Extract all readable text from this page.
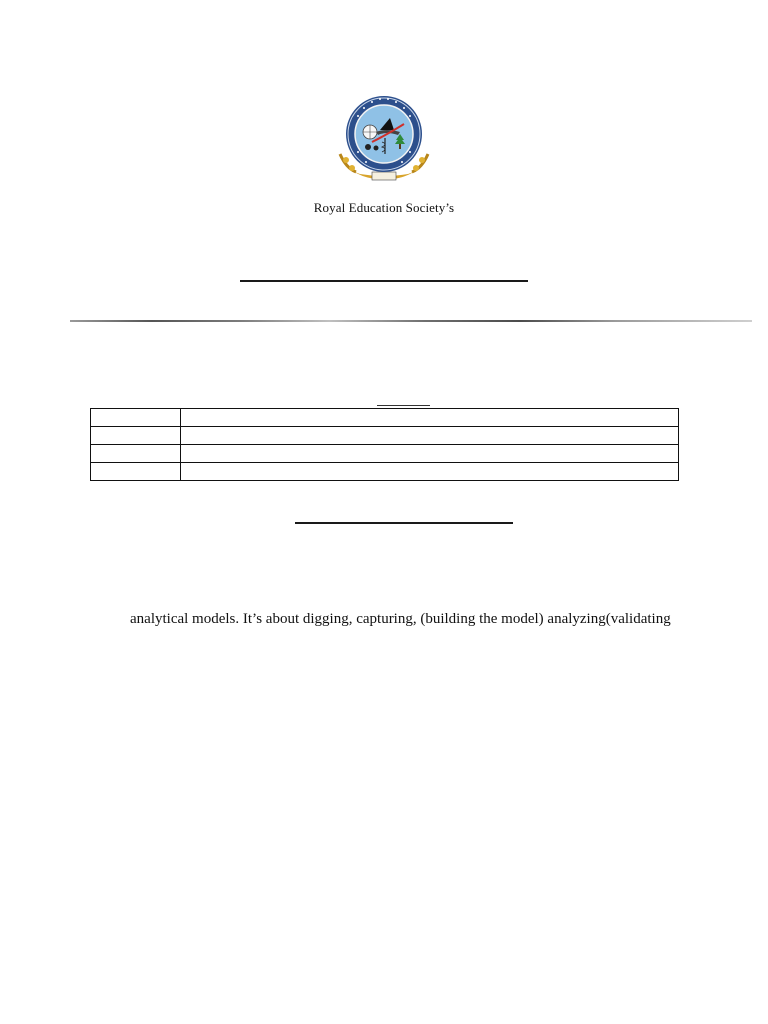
Royal Education Society’s

analytical models. It’s about digging, capturing, (building the model) analyzing(validating
